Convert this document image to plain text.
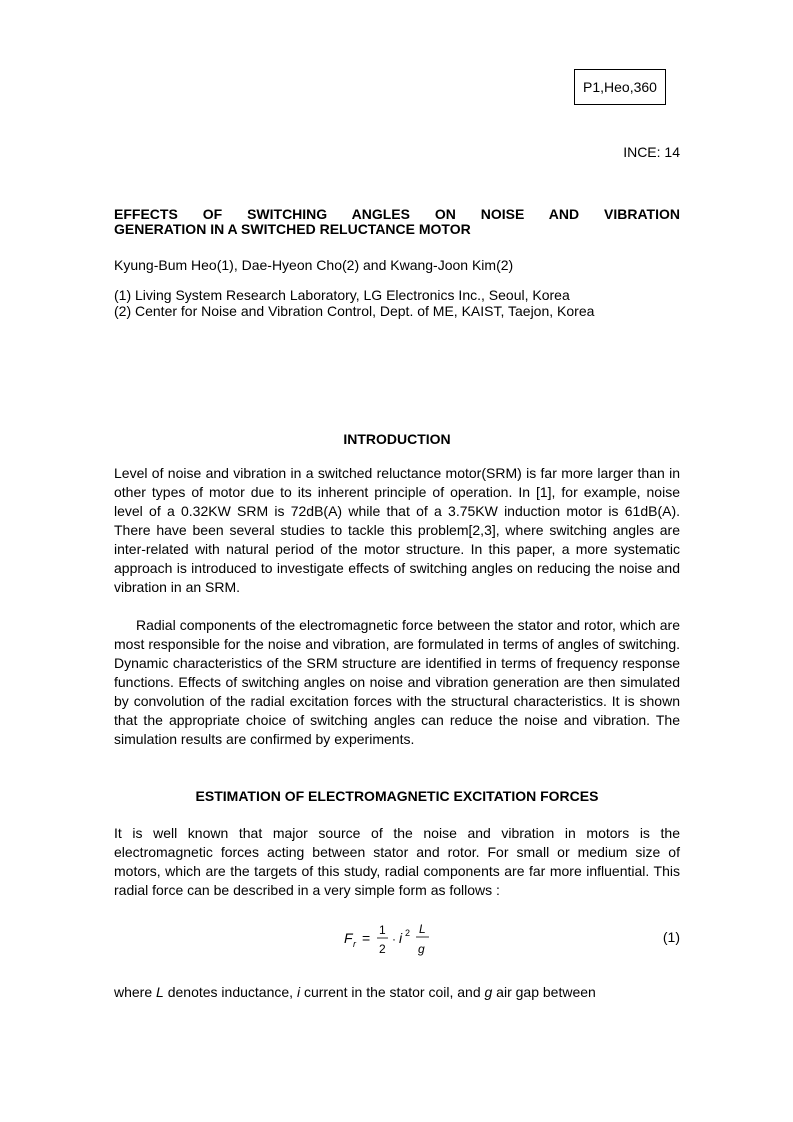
P1,Heo,360
INCE: 14
EFFECTS OF SWITCHING ANGLES ON NOISE AND VIBRATION
GENERATION IN A SWITCHED RELUCTANCE MOTOR
Kyung-Bum Heo(1), Dae-Hyeon Cho(2) and Kwang-Joon Kim(2)
(1) Living System Research Laboratory, LG Electronics Inc., Seoul, Korea
(2) Center for Noise and Vibration Control, Dept. of ME, KAIST, Taejon, Korea
INTRODUCTION

Level of noise and vibration in a switched reluctance motor(SRM) is far more larger than in other types of motor due to its inherent principle of operation. In [1], for example, noise level of a 0.32KW SRM is 72dB(A) while that of a 3.75KW induction motor is 61dB(A). There have been several studies to tackle this problem[2,3], where switching angles are inter-related with natural period of the motor structure. In this paper, a more systematic approach is introduced to investigate effects of switching angles on reducing the noise and vibration in an SRM.

Radial components of the electromagnetic force between the stator and rotor, which are most responsible for the noise and vibration, are formulated in terms of angles of switching. Dynamic characteristics of the SRM structure are identified in terms of frequency response functions. Effects of switching angles on noise and vibration generation are then simulated by convolution of the radial excitation forces with the structural characteristics. It is shown that the appropriate choice of switching angles can reduce the noise and vibration. The simulation results are confirmed by experiments.

ESTIMATION OF ELECTROMAGNETIC EXCITATION FORCES

It is well known that major source of the noise and vibration in motors is the electromagnetic forces acting between stator and rotor. For small or medium size of motors, which are the targets of this study, radial components are far more influential. This radial force can be described in a very simple form as follows :

F r = 1
2
· i 2 L
g
(1)
where L denotes inductance, i current in the stator coil, and g air gap between
